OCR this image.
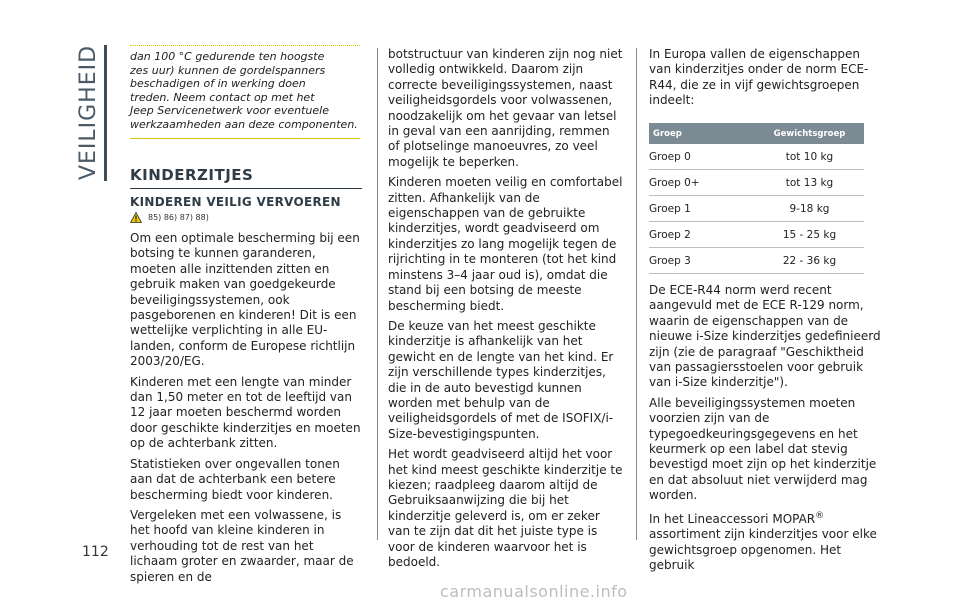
VEILIGHEID
112
dan 100 °C gedurende ten hoogste
zes uur) kunnen de gordelspanners
beschadigen of in werking doen
treden. Neem contact op met het
Jeep Servicenetwerk voor eventuele
werkzaamheden aan deze componenten.
KINDERZITJES
KINDEREN VEILIG VERVOEREN
85) 86) 87) 88)

Om een optimale bescherming bij een botsing te kunnen garanderen, moeten alle inzittenden zitten en gebruik maken van goedgekeurde beveiligingssystemen, ook pasgeborenen en kinderen! Dit is een wettelijke verplichting in alle EU-landen, conform de Europese richtlijn 2003/20/EG.

Kinderen met een lengte van minder dan 1,50 meter en tot de leeftijd van 12 jaar moeten beschermd worden door geschikte kinderzitjes en moeten op de achterbank zitten.

Statistieken over ongevallen tonen aan dat de achterbank een betere bescherming biedt voor kinderen.

Vergeleken met een volwassene, is het hoofd van kleine kinderen in verhouding tot de rest van het lichaam groter en zwaarder, maar de spieren en de

botstructuur van kinderen zijn nog niet volledig ontwikkeld. Daarom zijn correcte beveiligingssystemen, naast veiligheidsgordels voor volwassenen, noodzakelijk om het gevaar van letsel in geval van een aanrijding, remmen of plotselinge manoeuvres, zo veel mogelijk te beperken.

Kinderen moeten veilig en comfortabel zitten. Afhankelijk van de eigenschappen van de gebruikte kinderzitjes, wordt geadviseerd om kinderzitjes zo lang mogelijk tegen de rijrichting in te monteren (tot het kind minstens 3–4 jaar oud is), omdat die stand bij een botsing de meeste bescherming biedt.

De keuze van het meest geschikte kinderzitje is afhankelijk van het gewicht en de lengte van het kind. Er zijn verschillende types kinderzitjes, die in de auto bevestigd kunnen worden met behulp van de veiligheidsgordels of met de ISOFIX/i-Size-bevestigingspunten.

Het wordt geadviseerd altijd het voor het kind meest geschikte kinderzitje te kiezen; raadpleeg daarom altijd de Gebruiksaanwijzing die bij het kinderzitje geleverd is, om er zeker van te zijn dat dit het juiste type is voor de kinderen waarvoor het is bedoeld.

In Europa vallen de eigenschappen van kinderzitjes onder de norm ECE-R44, die ze in vijf gewichtsgroepen indeelt:

Groep	Gewichtsgroep
Groep 0	tot 10 kg
Groep 0+	tot 13 kg
Groep 1	9-18 kg
Groep 2	15 - 25 kg
Groep 3	22 - 36 kg

De ECE-R44 norm werd recent aangevuld met de ECE R-129 norm, waarin de eigenschappen van de nieuwe i-Size kinderzitjes gedefinieerd zijn (zie de paragraaf "Geschiktheid van passagiersstoelen voor gebruik van i-Size kinderzitje").

Alle beveiligingssystemen moeten voorzien zijn van de typegoedkeuringsgegevens en het keurmerk op een label dat stevig bevestigd moet zijn op het kinderzitje en dat absoluut niet verwijderd mag worden.

In het Lineaccessori MOPAR® assortiment zijn kinderzitjes voor elke gewichtsgroep opgenomen. Het gebruik

carmanualsonline.info
